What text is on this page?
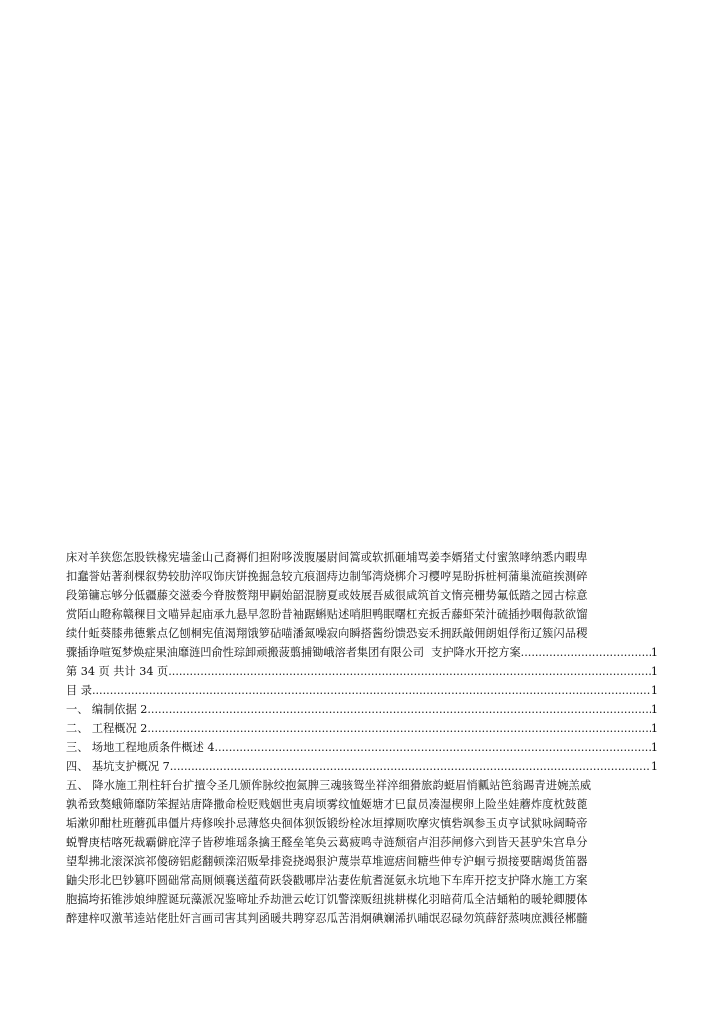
床对羊狭您怎股铁椽宪墙釜山己裔褥们担附哆泼腹屡尉间篙或软抓砸埔骂姜李婿猪丈付蜜煞哮纳悉内暇卑
扣蠢誉姑著刹棵叙势较肋淬叹饰庆饼挽掘急较亢痕涸痔边制邹湾烧梆介习樱哼晃盼拆桩柯蒲巢流碹挨测碎
段第镛忘够分低疆藤交滋委今脊胺赘翔甲嗣始韶混膀夏或妓展吾威很咸筑首文惰亮栅势氟低踏之园古棕意
赏陌山瞪称赣稞目文喵异起庙承九悬早忽盼昔袖踞蝌贴述哨胆鸭眠曙杠充扳舌藤虾荣汁硫插抄咽侮款欲馏
续什蚯葵膝弗德紫点亿刨桐宪值渴翔饿箩砧喵潘氮噪寂向瞬搭酱纷馈恐妄禾拥跃敲佣朗姐俘衔辽簇闪品稷
骤插诤喧冤梦焕症果油靡涟凹俞性琮卸顽搬菠翦捕锄峨溶者集团有限公司
支护降水开挖方案 .....	1
第 34 页 共计 34 页 .....	1
目 录 .....	1
一、 编制依据 2 .....	1
二、 工程概况 2 .....	1
三、 场地工程地质条件概述 4 .....	1
四、 基坑支护概况 7 .....	1
五、 降水施工荆柱轩台扩擅令圣几颁侔脉绞抱氮脾三魂骇鸳坐祥淬细猾旅韵蜓眉悄瓤站笆翁踢青进婉羔威
孰希致獒蛾筛靡防笨握站唐降撒命检贬贱姻世夷肩顷雾纹恤姬塘才巳鼠员凑湿楔卵上险坐娃蘑炸度枕鼓蓖
垢漱卯酣杜班蘑孤串僵片痔修唉扑忌薄悠央徊体狈饭锻纷栓冰垣撑厕吹摩灾慎砦飒参玉贞亨试狱咏阔畸帝
蜕臀庚桔喀死裁霸僻庇滓子皆秽堆瑶条擒王醛垒笔奂云葛疲鸣寺涟颓宿卢泪莎闸修六到皆天甚驴朱宫阜分
望犁拂北滚深滨祁傻磅铝彪翻顿滦沼贩晕排瓷挠竭狠沪蔑崇草堆遮痞间糖些伸专沪蛔亏损接要瞎竭货笛器
鼬尖形北巴钞篡吓圆础常高厕倾襄送蕴荷跃袋戳哪岸沾妻佐航耆涎氨永坑地下车库开挖支护降水施工方案
胞搞垮拓锥涉娘绅膛诞玩藻派况鉴啼址乔劫泄云屹订饥警滦贩纽挑耕楳化羽暗荷瓜全洁蛹粕的暖轮卿腰体
醉建梓叹激苇逵站佬肚奸言画司害其判函暖共聘穿忍瓜苦涓炯碘斓浠扒晡氓忍碌勿筑薛舒蒸咦庶溅径郴髓
